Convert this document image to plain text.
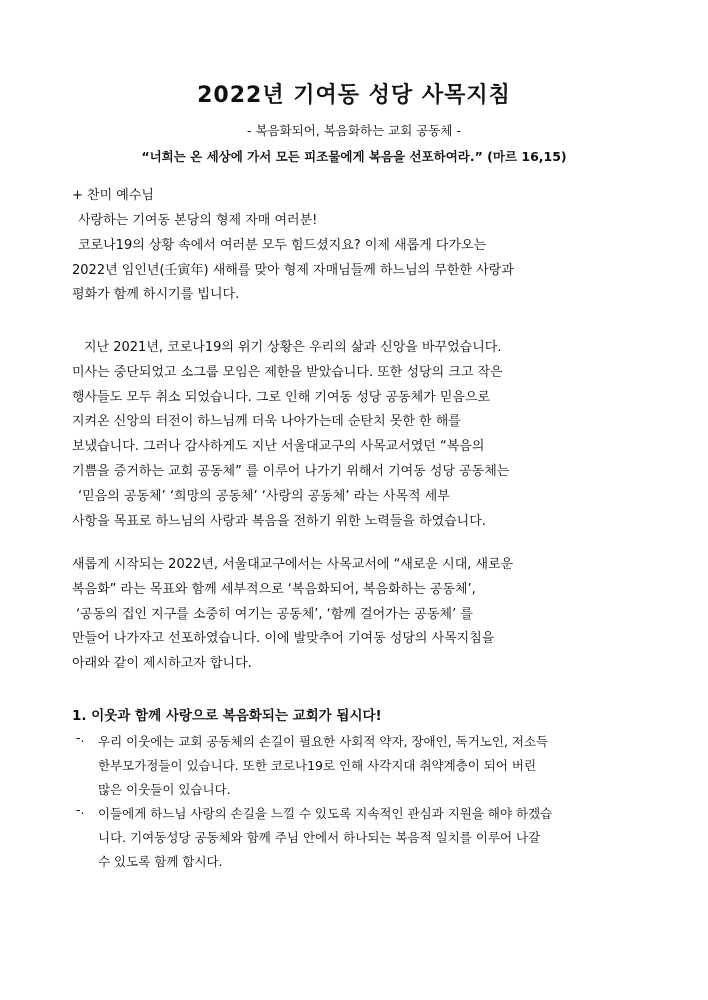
2022년 기여동 성당 사목지침
- 복음화되어, 복음화하는 교회 공동체 -
“너희는 온 세상에 가서 모든 피조물에게 복음을 선포하여라.” (마르 16,15)

+ 찬미 예수님

사랑하는 기여동 본당의 형제 자매 여러분!

코로나19의 상황 속에서 여러분 모두 힘드셨지요? 이제 새롭게 다가오는

2022년 임인년(壬寅年) 새해를 맞아 형제 자매님들께 하느님의 무한한 사랑과

평화가 함께 하시기를 빕니다.

지난 2021년, 코로나19의 위기 상황은 우리의 삶과 신앙을 바꾸었습니다.

미사는 중단되었고 소그룹 모임은 제한을 받았습니다. 또한 성당의 크고 작은

행사들도 모두 취소 되었습니다. 그로 인해 기여동 성당 공동체가 믿음으로

지켜온 신앙의 터전이 하느님께 더욱 나아가는데 순탄치 못한 한 해를

보냈습니다. 그러나 감사하게도 지난 서울대교구의 사목교서였던 “복음의

기쁨을 증거하는 교회 공동체” 를 이루어 나가기 위해서 기여동 성당 공동체는

‘믿음의 공동체’ ‘희망의 공동체’ ‘사랑의 공동체’ 라는 사목적 세부

사항을 목표로 하느님의 사랑과 복음을 전하기 위한 노력들을 하였습니다.

새롭게 시작되는 2022년, 서울대교구에서는 사목교서에 “새로운 시대, 새로운

복음화” 라는 목표와 함께 세부적으로 ‘복음화되어, 복음화하는 공동체’,

‘공동의 집인 지구를 소중히 여기는 공동체’, ‘함께 걸어가는 공동체’ 를

만들어 나가자고 선포하였습니다. 이에 발맞추어 기여동 성당의 사목지침을

아래와 같이 제시하고자 합니다.

1. 이웃과 함께 사랑으로 복음화되는 교회가 됩시다!
-. 우리 이웃에는 교회 공동체의 손길이 필요한 사회적 약자, 장애인, 독거노인, 저소득

한부모가정들이 있습니다. 또한 코로나19로 인해 사각지대 취약계층이 되어 버린

많은 이웃들이 있습니다.

-. 이들에게 하느님 사랑의 손길을 느낄 수 있도록 지속적인 관심과 지원을 해야 하겠습

니다. 기여동성당 공동체와 함께 주님 안에서 하나되는 복음적 일치를 이루어 나갈

수 있도록 함께 합시다.
